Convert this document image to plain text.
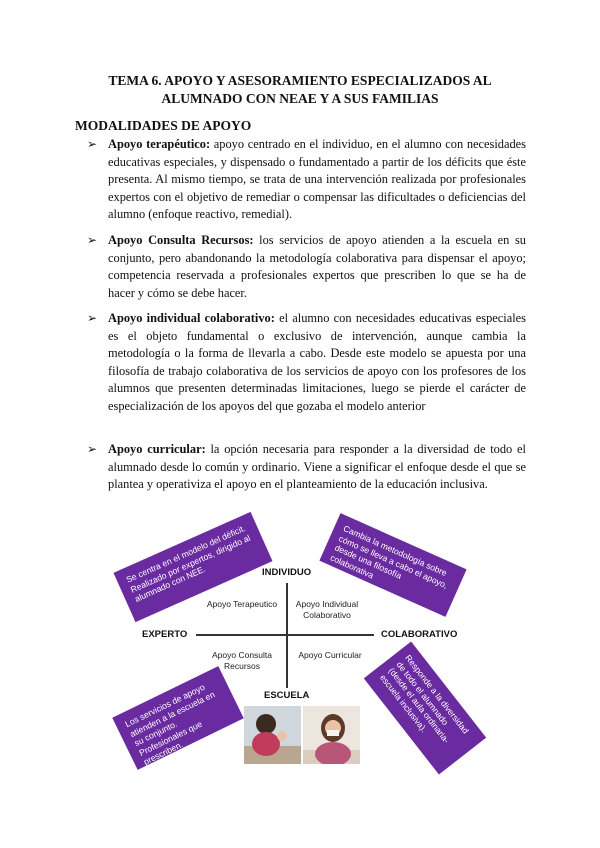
TEMA 6. APOYO Y ASESORAMIENTO ESPECIALIZADOS AL
ALUMNADO CON NEAE Y A SUS FAMILIAS
MODALIDADES DE APOYO
➢ Apoyo terapéutico: apoyo centrado en el individuo, en el alumno con necesidades educativas especiales, y dispensado o fundamentado a partir de los déficits que éste presenta. Al mismo tiempo, se trata de una intervención realizada por profesionales expertos con el objetivo de remediar o compensar las dificultades o deficiencias del alumno (enfoque reactivo, remedial).
➢ Apoyo Consulta Recursos: los servicios de apoyo atienden a la escuela en su conjunto, pero abandonando la metodología colaborativa para dispensar el apoyo; competencia reservada a profesionales expertos que prescriben lo que se ha de hacer y cómo se debe hacer.
➢ Apoyo individual colaborativo: el alumno con necesidades educativas especiales es el objeto fundamental o exclusivo de intervención, aunque cambia la metodología o la forma de llevarla a cabo. Desde este modelo se apuesta por una filosofía de trabajo colaborativa de los servicios de apoyo con los profesores de los alumnos que presenten determinadas limitaciones, luego se pierde el carácter de especialización de los apoyos del que gozaba el modelo anterior
➢ Apoyo curricular: la opción necesaria para responder a la diversidad de todo el alumnado desde lo común y ordinario. Viene a significar el enfoque desde el que se plantea y operativiza el apoyo en el planteamiento de la educación inclusiva.
INDIVIDUO
ESCUELA
EXPERTO	COLABORATIVO
Apoyo Terapeutico	Apoyo Individual Colaborativo
Apoyo Consulta Recursos
Apoyo Curricular
Se centra en el modelo del déficit. Realizado por expertos, dirigido al alumnado con NEE.
Cambia la metodología sobre cómo se lleva a cabo el apoyo, desde una filosofía colaborativa
Los servicios de apoyo atienden a la escuela en su conjunto. Profesionales que prescriben.
Responde a la diversidad de todo el alumnado (desde el aula ordinaria-escuela inclusiva).
